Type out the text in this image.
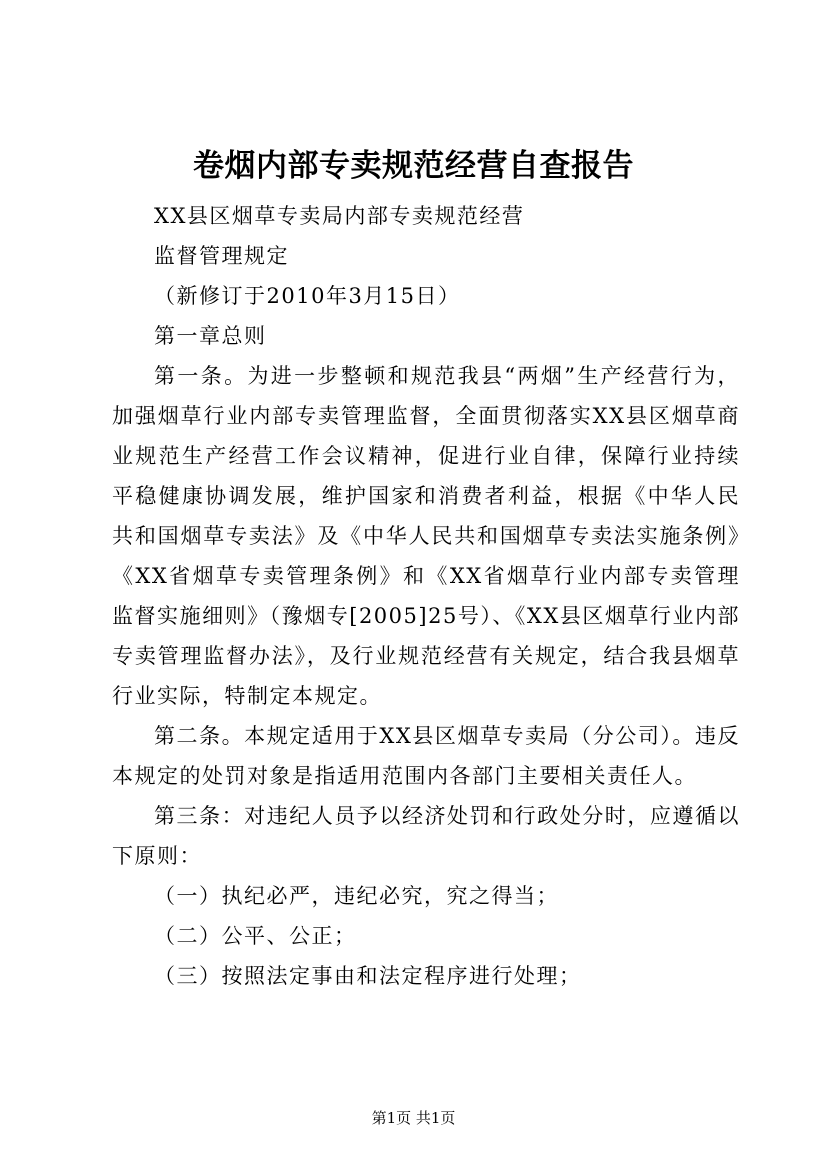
卷烟内部专卖规范经营自查报告

XX县区烟草专卖局内部专卖规范经营

监督管理规定

（新修订于2010年3月15日）

第一章总则

第一条。为进一步整顿和规范我县“两烟”生产经营行为，加强烟草行业内部专卖管理监督，全面贯彻落实XX县区烟草商业规范生产经营工作会议精神，促进行业自律，保障行业持续平稳健康协调发展，维护国家和消费者利益，根据《中华人民共和国烟草专卖法》及《中华人民共和国烟草专卖法实施条例》《XX省烟草专卖管理条例》和《XX省烟草行业内部专卖管理监督实施细则》（豫烟专[2005]25号）、《XX县区烟草行业内部专卖管理监督办法》，及行业规范经营有关规定，结合我县烟草行业实际，特制定本规定。

第二条。本规定适用于XX县区烟草专卖局（分公司）。违反本规定的处罚对象是指适用范围内各部门主要相关责任人。

第三条：对违纪人员予以经济处罚和行政处分时，应遵循以下原则：

（一）执纪必严，违纪必究，究之得当；

（二）公平、公正；

（三）按照法定事由和法定程序进行处理；

第1页 共1页
